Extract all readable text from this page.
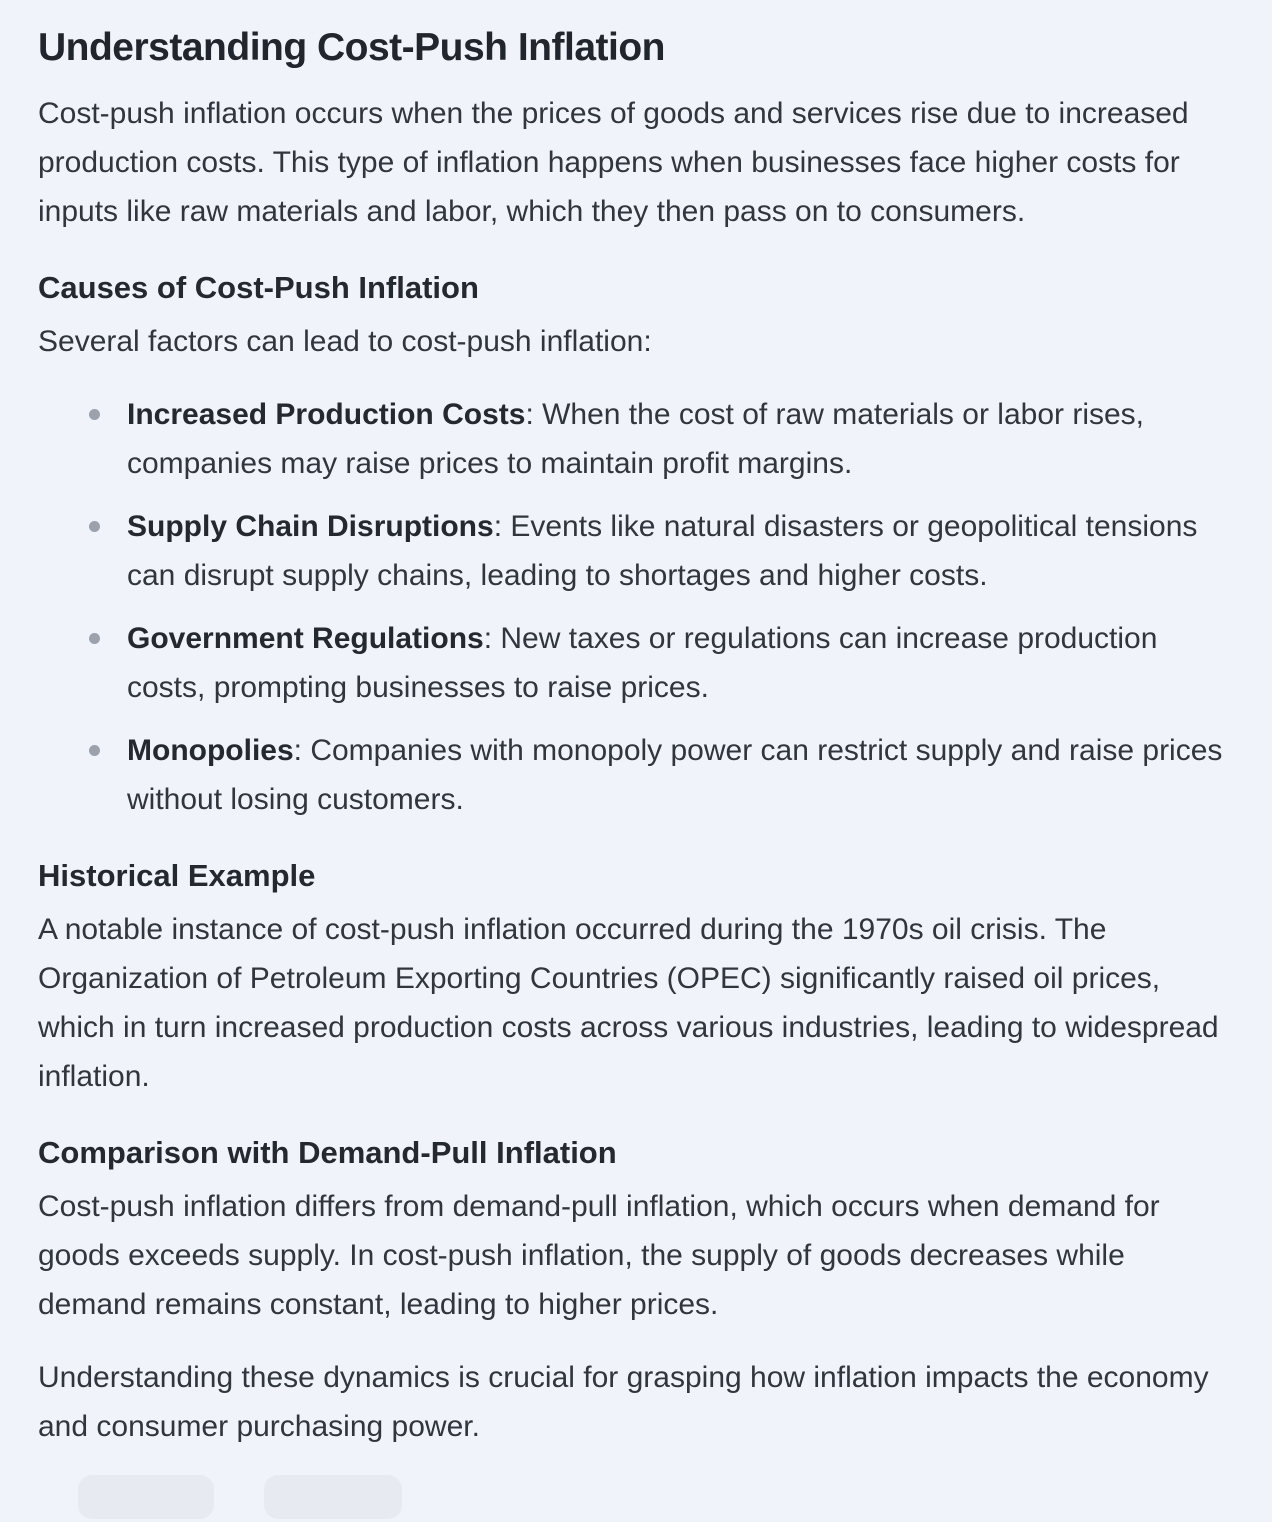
Understanding Cost-Push Inflation

Cost-push inflation occurs when the prices of goods and services rise due to increased production costs. This type of inflation happens when businesses face higher costs for inputs like raw materials and labor, which they then pass on to consumers.

Causes of Cost-Push Inflation

Several factors can lead to cost-push inflation:

Increased Production Costs: When the cost of raw materials or labor rises, companies may raise prices to maintain profit margins.
Supply Chain Disruptions: Events like natural disasters or geopolitical tensions can disrupt supply chains, leading to shortages and higher costs.
Government Regulations: New taxes or regulations can increase production costs, prompting businesses to raise prices.
Monopolies: Companies with monopoly power can restrict supply and raise prices without losing customers.
Historical Example

A notable instance of cost-push inflation occurred during the 1970s oil crisis. The Organization of Petroleum Exporting Countries (OPEC) significantly raised oil prices, which in turn increased production costs across various industries, leading to widespread inflation.

Comparison with Demand-Pull Inflation

Cost-push inflation differs from demand-pull inflation, which occurs when demand for goods exceeds supply. In cost-push inflation, the supply of goods decreases while demand remains constant, leading to higher prices.

Understanding these dynamics is crucial for grasping how inflation impacts the economy and consumer purchasing power.
